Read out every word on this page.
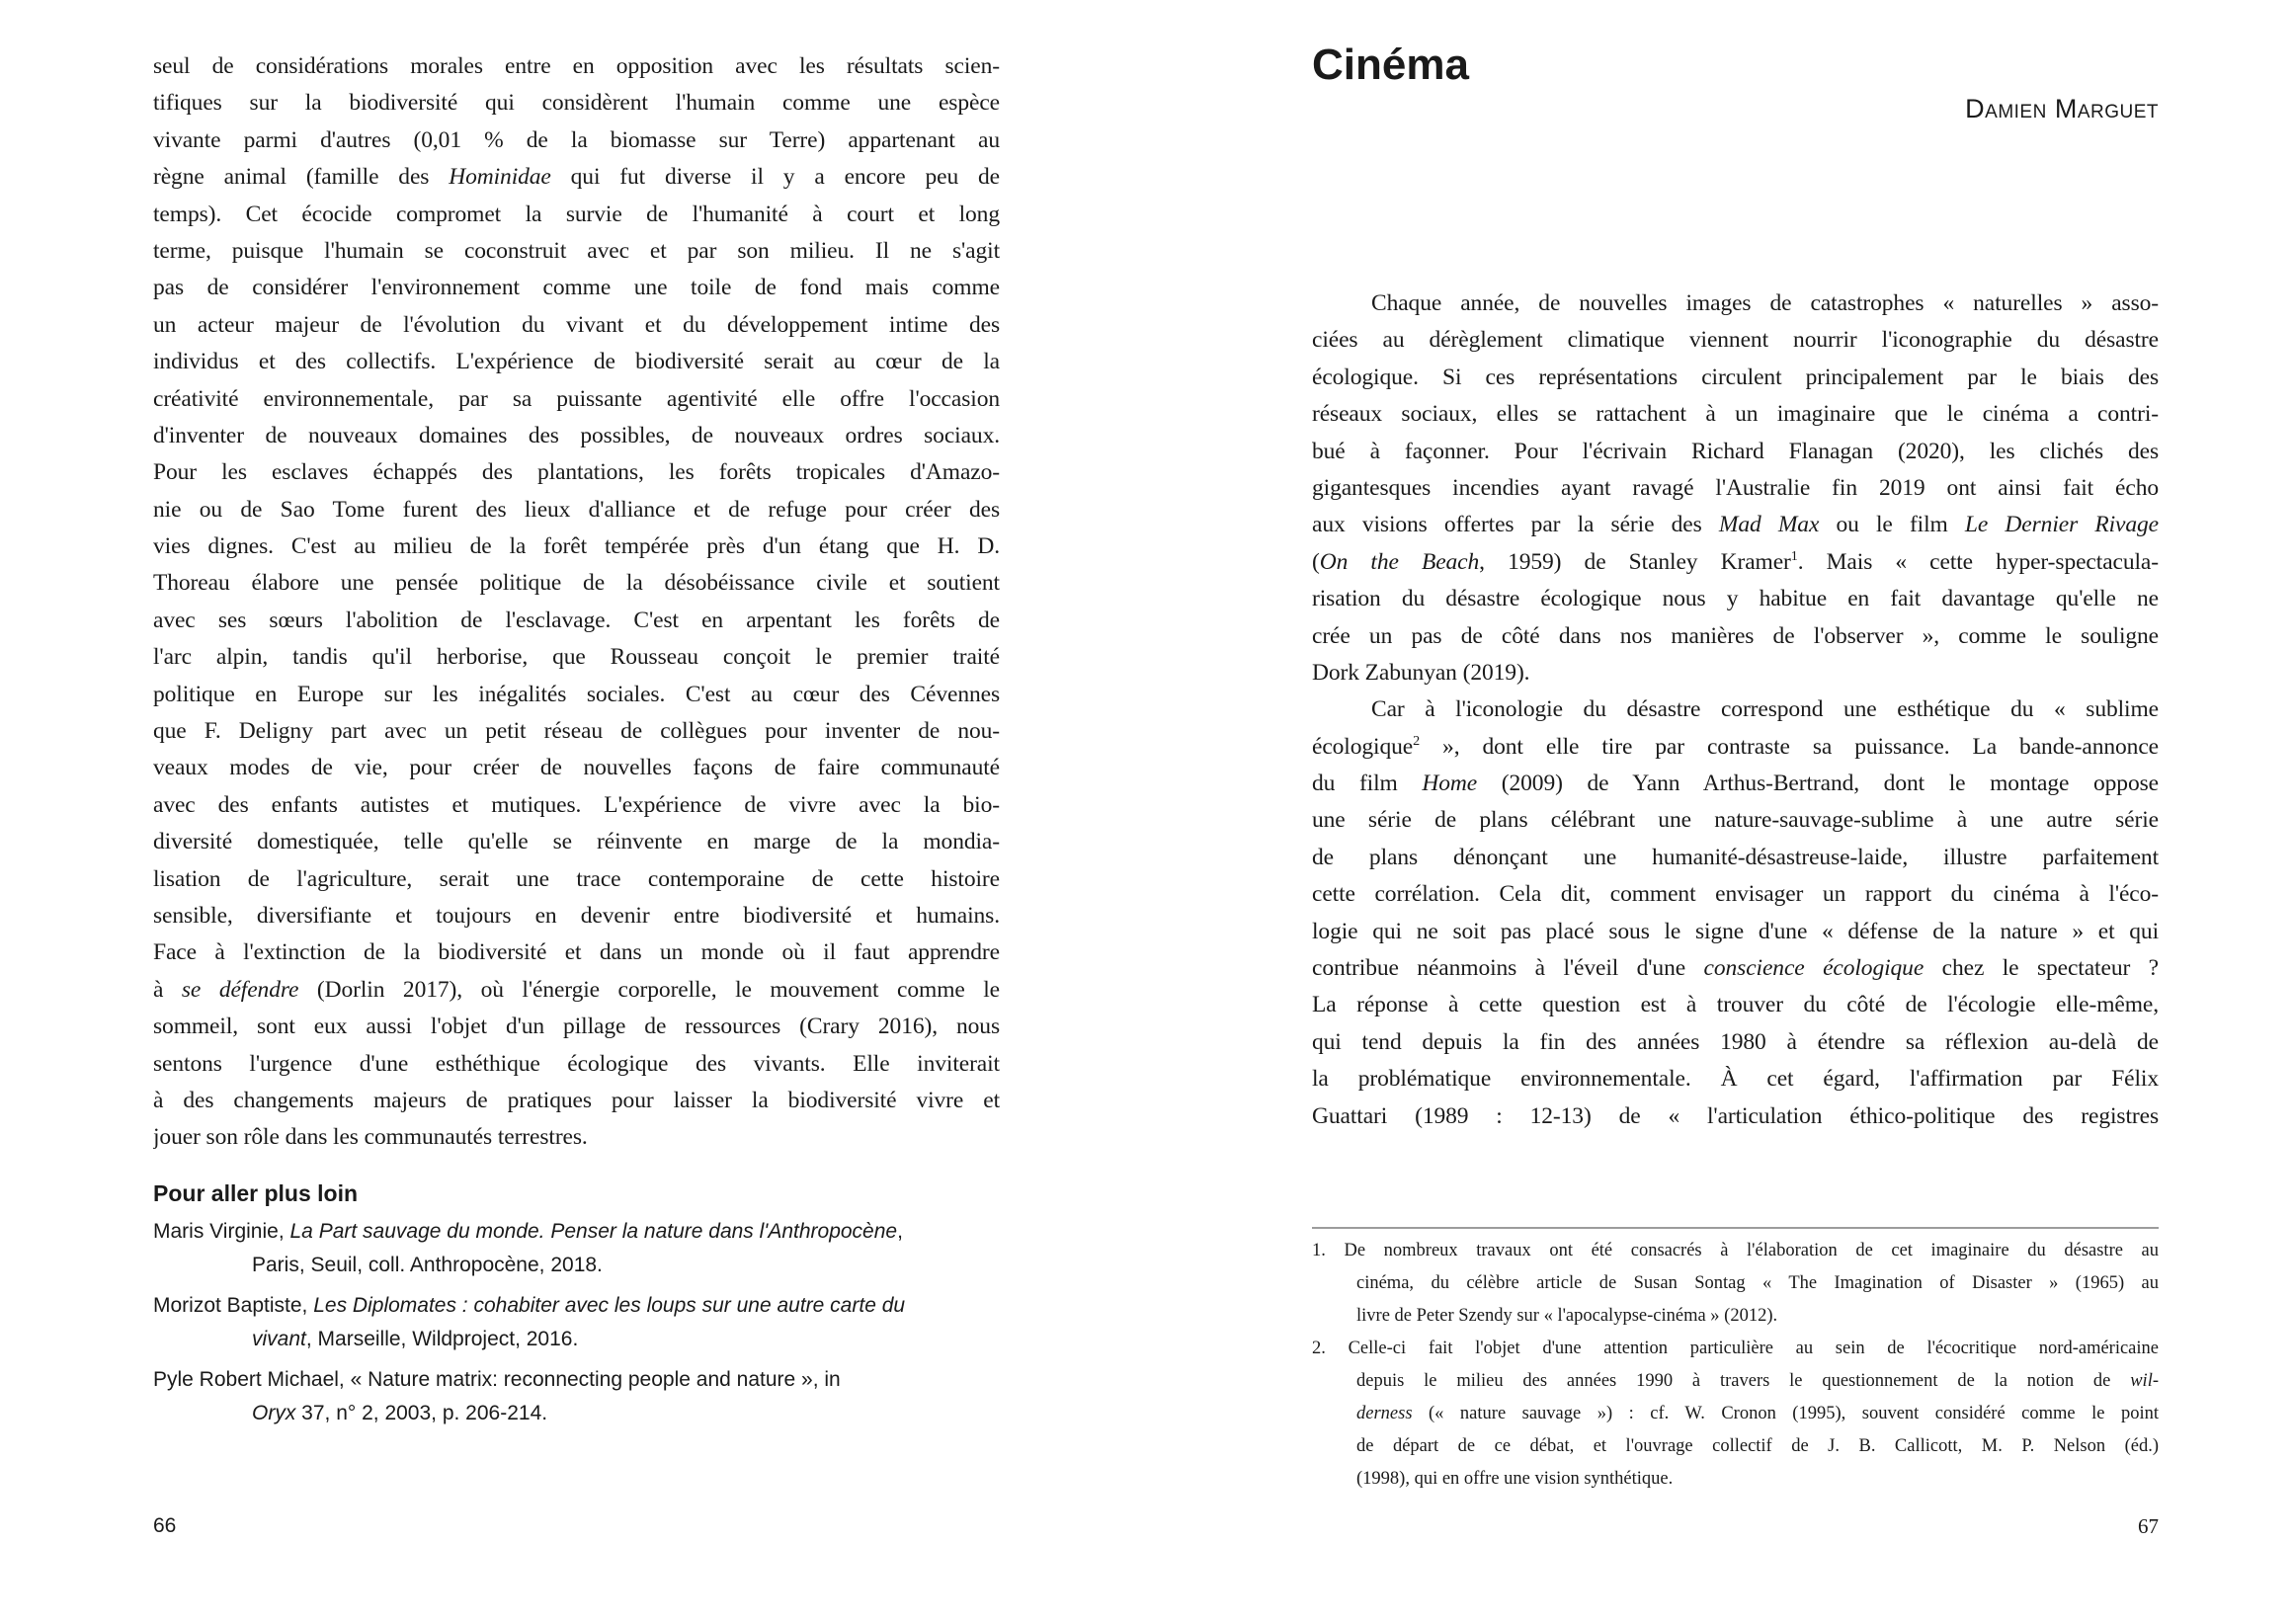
seul de considérations morales entre en opposition avec les résultats scien-
tifiques sur la biodiversité qui considèrent l'humain comme une espèce
vivante parmi d'autres (0,01 % de la biomasse sur Terre) appartenant au
règne animal (famille des Hominidae qui fut diverse il y a encore peu de
temps). Cet écocide compromet la survie de l'humanité à court et long
terme, puisque l'humain se coconstruit avec et par son milieu. Il ne s'agit
pas de considérer l'environnement comme une toile de fond mais comme
un acteur majeur de l'évolution du vivant et du développement intime des
individus et des collectifs. L'expérience de biodiversité serait au cœur de la
créativité environnementale, par sa puissante agentivité elle offre l'occasion
d'inventer de nouveaux domaines des possibles, de nouveaux ordres sociaux.
Pour les esclaves échappés des plantations, les forêts tropicales d'Amazo-
nie ou de Sao Tome furent des lieux d'alliance et de refuge pour créer des
vies dignes. C'est au milieu de la forêt tempérée près d'un étang que H. D.
Thoreau élabore une pensée politique de la désobéissance civile et soutient
avec ses sœurs l'abolition de l'esclavage. C'est en arpentant les forêts de
l'arc alpin, tandis qu'il herborise, que Rousseau conçoit le premier traité
politique en Europe sur les inégalités sociales. C'est au cœur des Cévennes
que F. Deligny part avec un petit réseau de collègues pour inventer de nou-
veaux modes de vie, pour créer de nouvelles façons de faire communauté
avec des enfants autistes et mutiques. L'expérience de vivre avec la bio-
diversité domestiquée, telle qu'elle se réinvente en marge de la mondia-
lisation de l'agriculture, serait une trace contemporaine de cette histoire
sensible, diversifiante et toujours en devenir entre biodiversité et humains.
Face à l'extinction de la biodiversité et dans un monde où il faut apprendre
à se défendre (Dorlin 2017), où l'énergie corporelle, le mouvement comme le
sommeil, sont eux aussi l'objet d'un pillage de ressources (Crary 2016), nous
sentons l'urgence d'une esthéthique écologique des vivants. Elle inviterait
à des changements majeurs de pratiques pour laisser la biodiversité vivre et
jouer son rôle dans les communautés terrestres.
Pour aller plus loin
Maris Virginie, La Part sauvage du monde. Penser la nature dans l'Anthropocène,
Paris, Seuil, coll. Anthropocène, 2018.
Morizot Baptiste, Les Diplomates : cohabiter avec les loups sur une autre carte du
vivant, Marseille, Wildproject, 2016.
Pyle Robert Michael, « Nature matrix: reconnecting people and nature », in
Oryx 37, n° 2, 2003, p. 206-214.
66
Cinéma
Damien Marguet
Chaque année, de nouvelles images de catastrophes « naturelles » asso-
ciées au dérèglement climatique viennent nourrir l'iconographie du désastre
écologique. Si ces représentations circulent principalement par le biais des
réseaux sociaux, elles se rattachent à un imaginaire que le cinéma a contri-
bué à façonner. Pour l'écrivain Richard Flanagan (2020), les clichés des
gigantesques incendies ayant ravagé l'Australie fin 2019 ont ainsi fait écho
aux visions offertes par la série des Mad Max ou le film Le Dernier Rivage
(On the Beach, 1959) de Stanley Kramer$^1$. Mais « cette hyper-spectacula-
risation du désastre écologique nous y habitue en fait davantage qu'elle ne
crée un pas de côté dans nos manières de l'observer », comme le souligne
Dork Zabunyan (2019).
Car à l'iconologie du désastre correspond une esthétique du « sublime
écologique$^2$ », dont elle tire par contraste sa puissance. La bande-annonce
du film Home (2009) de Yann Arthus-Bertrand, dont le montage oppose
une série de plans célébrant une nature-sauvage-sublime à une autre série
de plans dénonçant une humanité-désastreuse-laide, illustre parfaitement
cette corrélation. Cela dit, comment envisager un rapport du cinéma à l'éco-
logie qui ne soit pas placé sous le signe d'une « défense de la nature » et qui
contribue néanmoins à l'éveil d'une conscience écologique chez le spectateur ?
La réponse à cette question est à trouver du côté de l'écologie elle-même,
qui tend depuis la fin des années 1980 à étendre sa réflexion au-delà de
la problématique environnementale. À cet égard, l'affirmation par Félix
Guattari (1989 : 12-13) de « l'articulation éthico-politique des registres
1. De nombreux travaux ont été consacrés à l'élaboration de cet imaginaire du désastre au
cinéma, du célèbre article de Susan Sontag « The Imagination of Disaster » (1965) au
livre de Peter Szendy sur « l'apocalypse-cinéma » (2012).
2. Celle-ci fait l'objet d'une attention particulière au sein de l'écocritique nord-américaine
depuis le milieu des années 1990 à travers le questionnement de la notion de wil-
derness (« nature sauvage ») : cf. W. Cronon (1995), souvent considéré comme le point
de départ de ce débat, et l'ouvrage collectif de J. B. Callicott, M. P. Nelson (éd.)
(1998), qui en offre une vision synthétique.
67
